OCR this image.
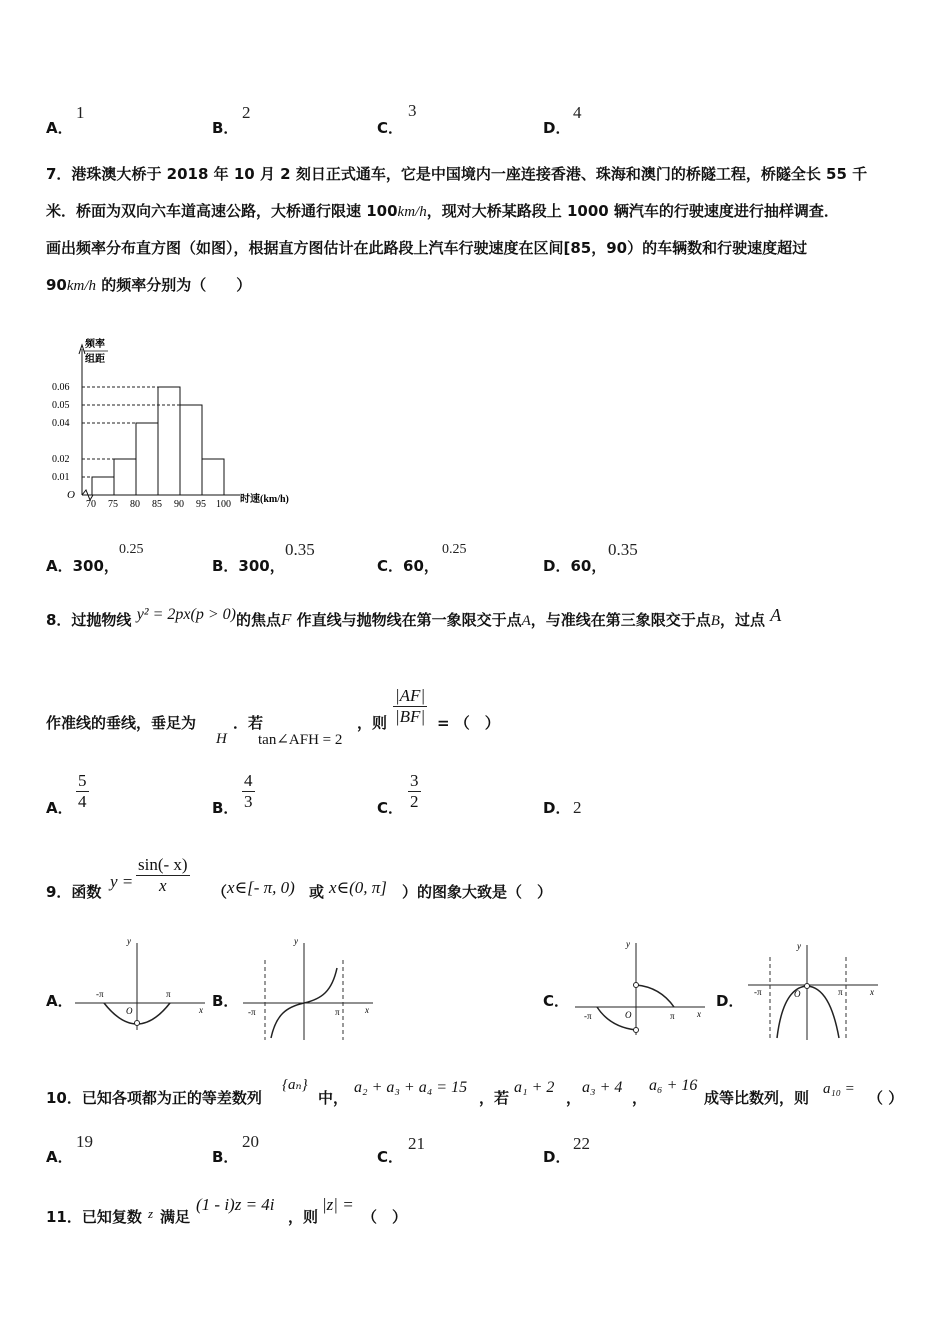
A．
1
B．
2
C．
3
D．
4
7．港珠澳大桥于 2018 年 10 月 2 刻日正式通车，它是中国境内一座连接香港、珠海和澳门的桥隧工程，桥隧全长 55 千
米．桥面为双向六车道高速公路，大桥通行限速 100km/h，现对大桥某路段上 1000 辆汽车的行驶速度进行抽样调查．
画出频率分布直方图（如图），根据直方图估计在此路段上汽车行驶速度在区间[85，90）的车辆数和行驶速度超过
90km/h 的频率分别为（　　）
频率
组距
O	时速(km/h)
0.06
0.05
0.04
0.02
0.01
70 75 80 85 90 95 100
A．300，
0.25
B．300，
0.35
C．60，
0.25
D．60，
0.35
8．过抛物线 y² = 2px(p > 0)的焦点F 作直线与抛物线在第一象限交于点A，与准线在第三象限交于点B，过点 A
作准线的垂线，垂足为
H
．若
tan∠AFH = 2
，则 $\frac{|AF|}{|BF|}$ = （　）
A． $\frac{5}{4}$	B． $\frac{4}{3}$	C． $\frac{3}{2}$	D． 2
9．函数
$y = \frac{\sin(- x)}{x}$ （ x∈[- π, 0) 或 x∈(0, π] ）的图象大致是（　）
A．
y
x
O
-π	π	B．
y
x
-π	π
C．
y
x
O
-π	π
D．
y
x
O
-π	π
10．已知各项都为正的等差数列
{aₙ}
中，
a₂ + a₃ + a₄ = 15
，若
a₁ + 2
，
a₃ + 4
，
a₆ + 16
成等比数列，则 a₁₀ = （ ）
A．
19
B．
20
C．
21
D．
22
11．已知复数 z 满足
(1 - i)z = 4i
，则
|z| =
（　）
